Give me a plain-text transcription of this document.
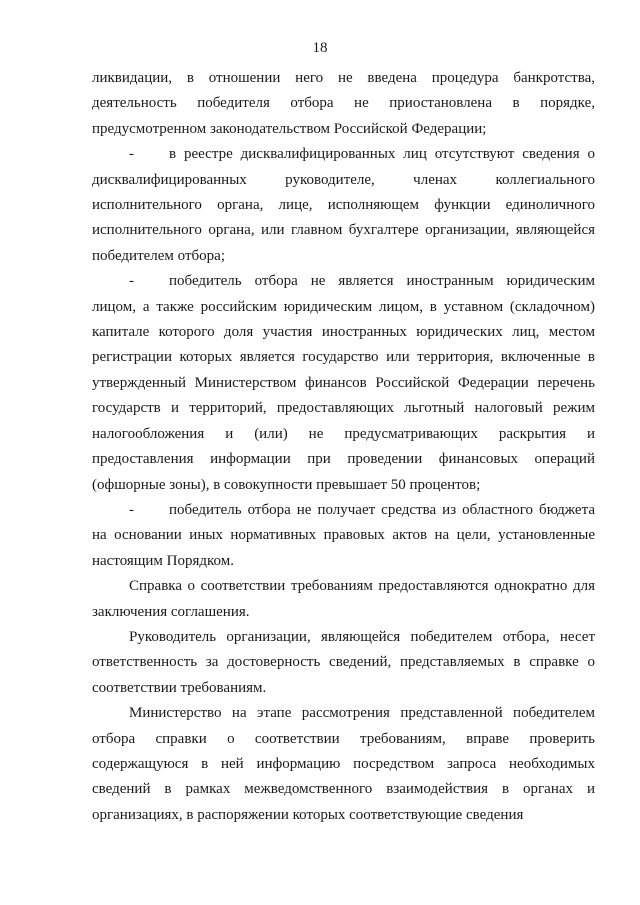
18

ликвидации, в отношении него не введена процедура банкротства, деятельность победителя отбора не приостановлена в порядке, предусмотренном законодательством Российской Федерации;

- в реестре дисквалифицированных лиц отсутствуют сведения о дисквалифицированных руководителе, членах коллегиального исполнительного органа, лице, исполняющем функции единоличного исполнительного органа, или главном бухгалтере организации, являющейся победителем отбора;

- победитель отбора не является иностранным юридическим лицом, а также российским юридическим лицом, в уставном (складочном) капитале которого доля участия иностранных юридических лиц, местом регистрации которых является государство или территория, включенные в утвержденный Министерством финансов Российской Федерации перечень государств и территорий, предоставляющих льготный налоговый режим налогообложения и (или) не предусматривающих раскрытия и предоставления информации при проведении финансовых операций (офшорные зоны), в совокупности превышает 50 процентов;

- победитель отбора не получает средства из областного бюджета на основании иных нормативных правовых актов на цели, установленные настоящим Порядком.

Справка о соответствии требованиям предоставляются однократно для заключения соглашения.

Руководитель организации, являющейся победителем отбора, несет ответственность за достоверность сведений, представляемых в справке о соответствии требованиям.

Министерство на этапе рассмотрения представленной победителем отбора справки о соответствии требованиям, вправе проверить содержащуюся в ней информацию посредством запроса необходимых сведений в рамках межведомственного взаимодействия в органах и организациях, в распоряжении которых соответствующие сведения
